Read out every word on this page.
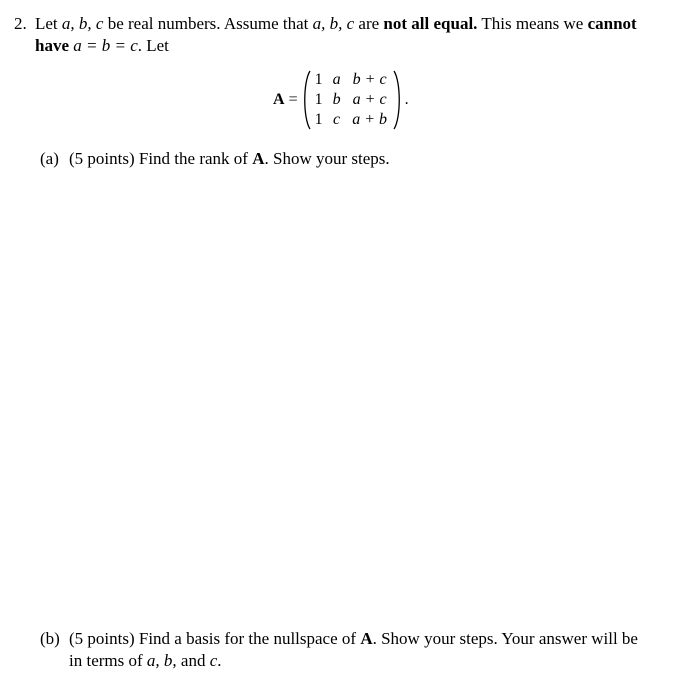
2. Let a, b, c be real numbers. Assume that a, b, c are not all equal. This means we cannot
have a = b = c. Let
A =
1 a b + c
1 b a + c
1 c a + b
.
(a) (5 points) Find the rank of A. Show your steps.
(b) (5 points) Find a basis for the nullspace of A. Show your steps. Your answer will be
in terms of a, b, and c.
